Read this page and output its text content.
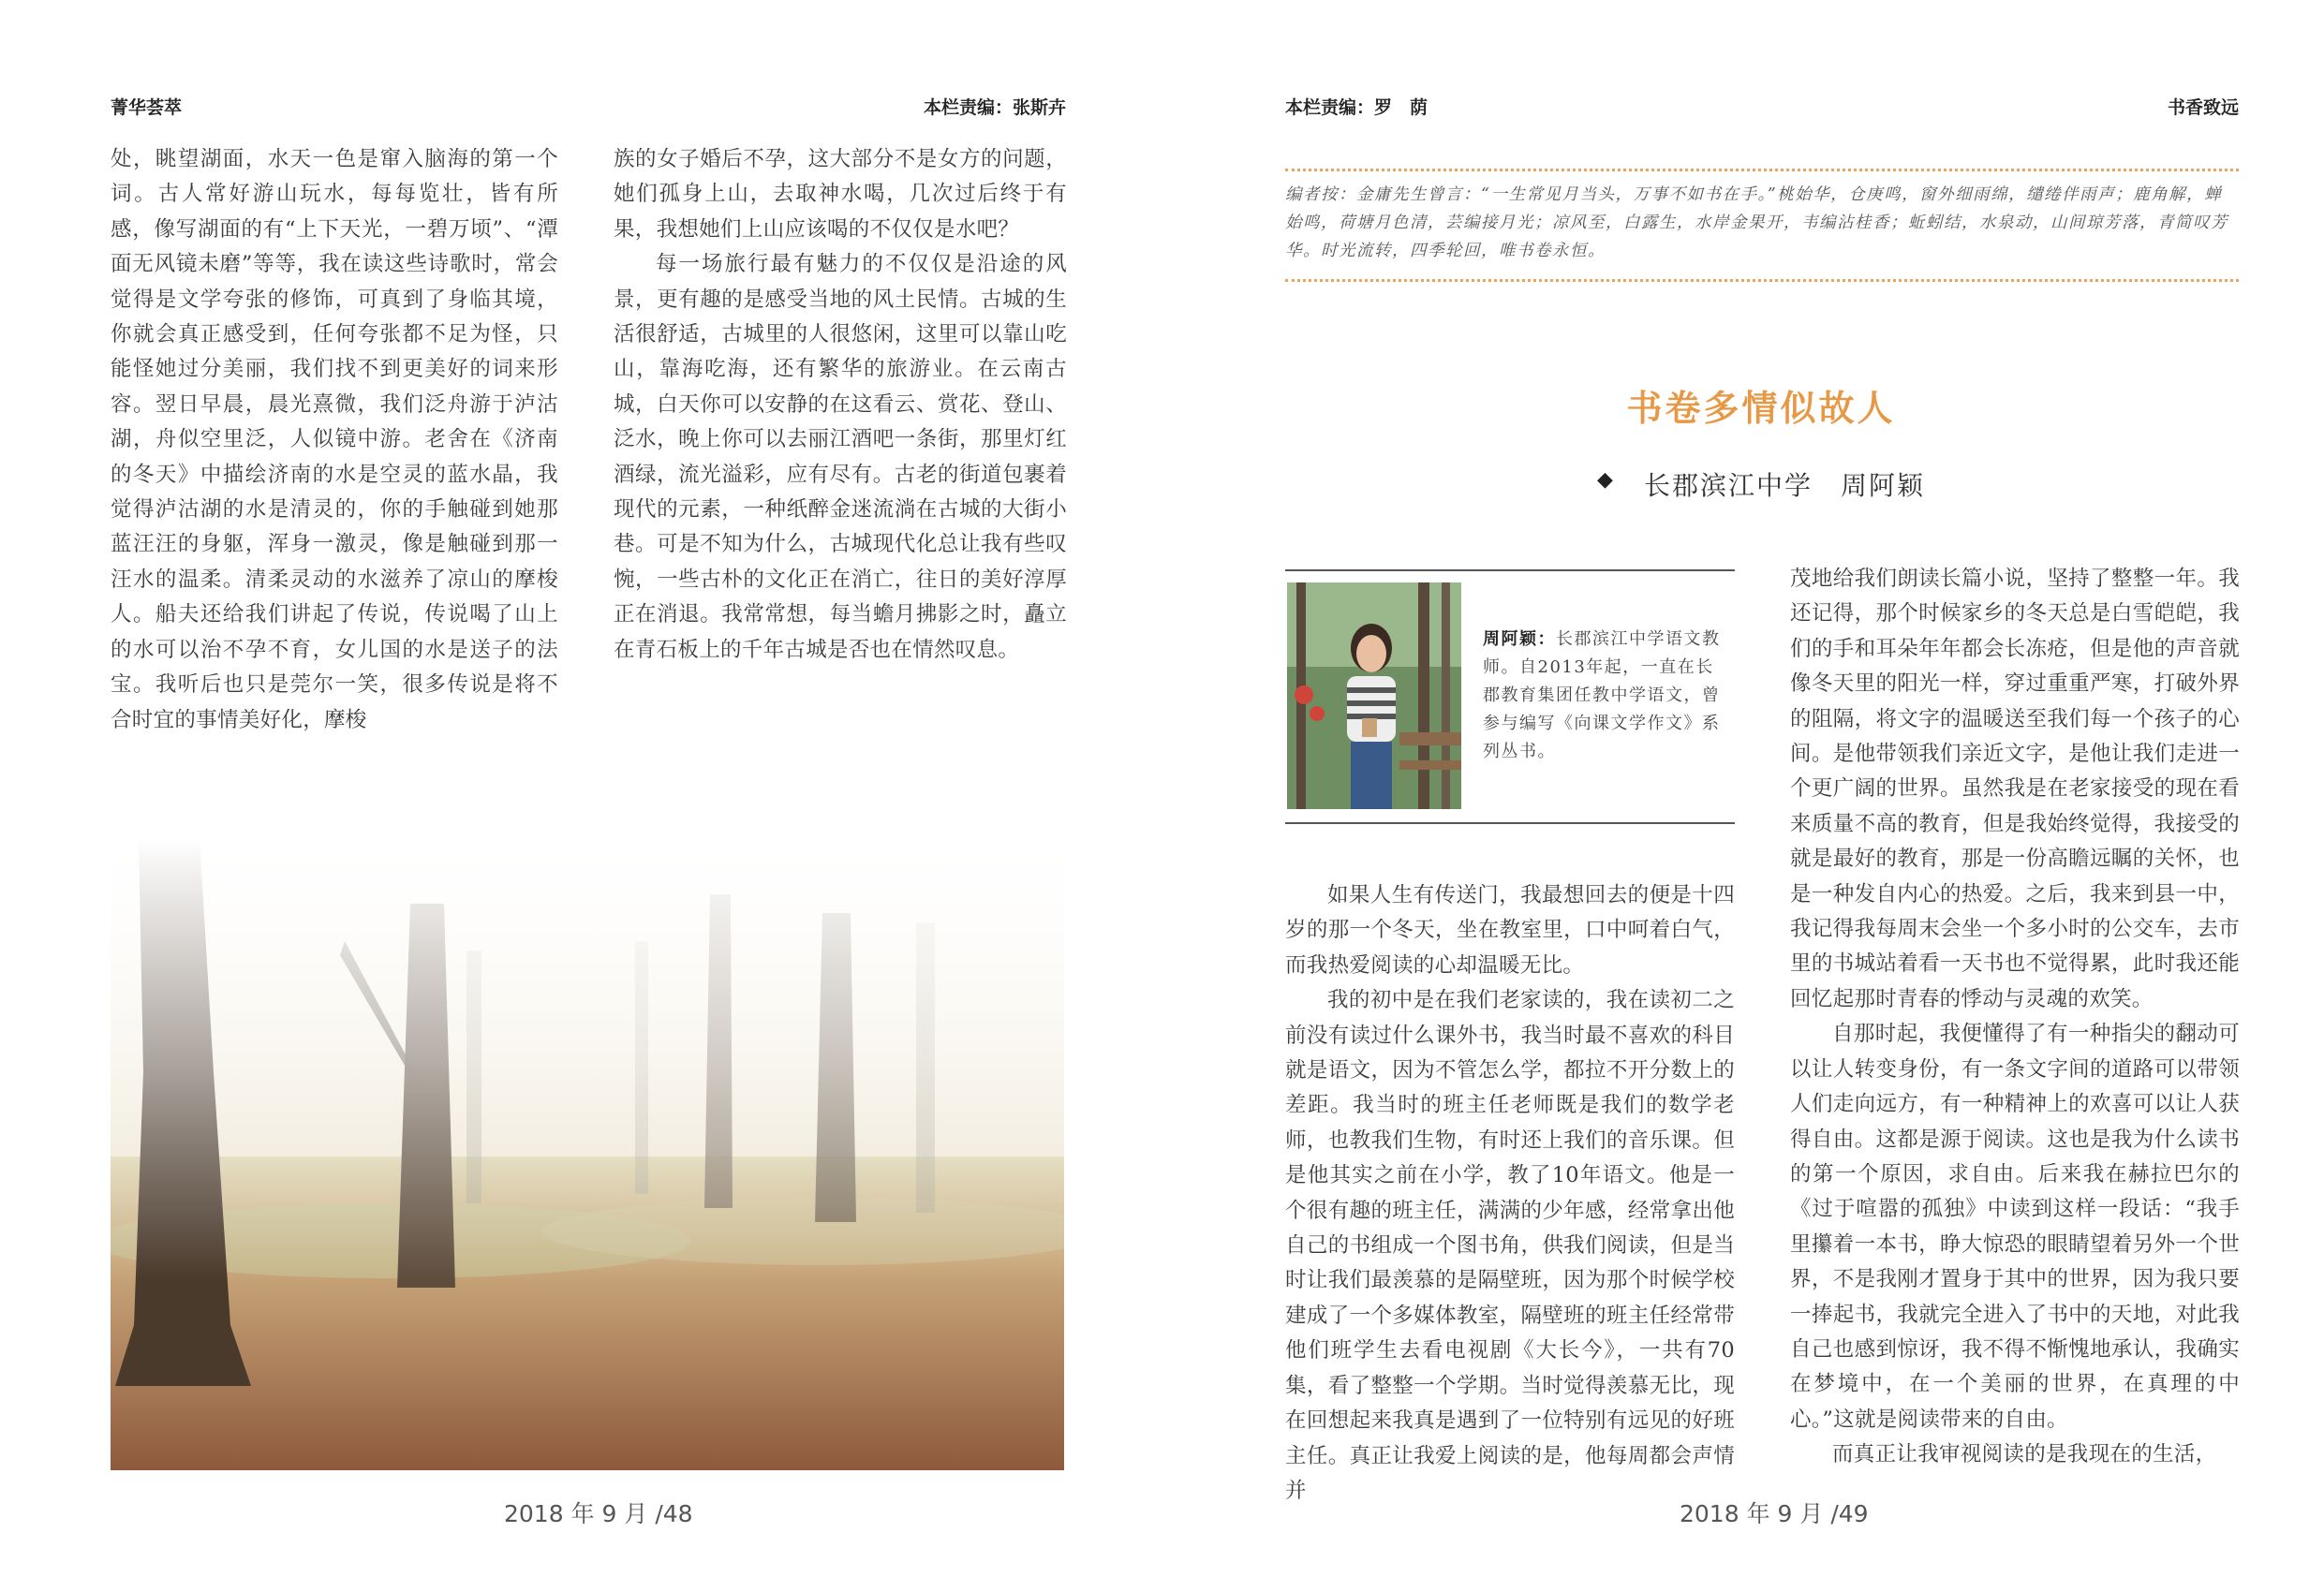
菁华荟萃	本栏责编：张斯卉

处，眺望湖面，水天一色是窜入脑海的第一个词。古人常好游山玩水，每每览壮，皆有所感，像写湖面的有“上下天光，一碧万顷”、“潭面无风镜未磨”等等，我在读这些诗歌时，常会觉得是文学夸张的修饰，可真到了身临其境，你就会真正感受到，任何夸张都不足为怪，只能怪她过分美丽，我们找不到更美好的词来形容。翌日早晨，晨光熹微，我们泛舟游于泸沽湖，舟似空里泛，人似镜中游。老舍在《济南的冬天》中描绘济南的水是空灵的蓝水晶，我觉得泸沽湖的水是清灵的，你的手触碰到她那蓝汪汪的身躯，浑身一激灵，像是触碰到那一汪水的温柔。清柔灵动的水滋养了凉山的摩梭人。船夫还给我们讲起了传说，传说喝了山上的水可以治不孕不育，女儿国的水是送子的法宝。我听后也只是莞尔一笑，很多传说是将不合时宜的事情美好化，摩梭

族的女子婚后不孕，这大部分不是女方的问题，她们孤身上山，去取神水喝，几次过后终于有果，我想她们上山应该喝的不仅仅是水吧？

每一场旅行最有魅力的不仅仅是沿途的风景，更有趣的是感受当地的风土民情。古城的生活很舒适，古城里的人很悠闲，这里可以靠山吃山，靠海吃海，还有繁华的旅游业。在云南古城，白天你可以安静的在这看云、赏花、登山、泛水，晚上你可以去丽江酒吧一条街，那里灯红酒绿，流光溢彩，应有尽有。古老的街道包裹着现代的元素，一种纸醉金迷流淌在古城的大街小巷。可是不知为什么，古城现代化总让我有些叹惋，一些古朴的文化正在消亡，往日的美好淳厚正在消退。我常常想，每当蟾月拂影之时，矗立在青石板上的千年古城是否也在情然叹息。

2018 年 9 月 /48
本栏责编：罗　荫	书香致远
编者按：金庸先生曾言：“一生常见月当头，万事不如书在手。”桃始华，仓庚鸣，窗外细雨绵，缱绻伴雨声；鹿角解，蝉始鸣，荷塘月色清，芸编接月光；凉风至，白露生，水岸金果开，韦编沾桂香；蚯蚓结，水泉动，山间琼芳落，青简叹芳华。时光流转，四季轮回，唯书卷永恒。
书卷多情似故人
◆ 长郡滨江中学　周阿颖
周阿颖：长郡滨江中学语文教师。自2013年起，一直在长郡教育集团任教中学语文，曾参与编写《向课文学作文》系列丛书。

如果人生有传送门，我最想回去的便是十四岁的那一个冬天，坐在教室里，口中呵着白气，而我热爱阅读的心却温暖无比。

我的初中是在我们老家读的，我在读初二之前没有读过什么课外书，我当时最不喜欢的科目就是语文，因为不管怎么学，都拉不开分数上的差距。我当时的班主任老师既是我们的数学老师，也教我们生物，有时还上我们的音乐课。但是他其实之前在小学，教了10年语文。他是一个很有趣的班主任，满满的少年感，经常拿出他自己的书组成一个图书角，供我们阅读，但是当时让我们最羡慕的是隔壁班，因为那个时候学校建成了一个多媒体教室，隔壁班的班主任经常带他们班学生去看电视剧《大长今》，一共有70集，看了整整一个学期。当时觉得羡慕无比，现在回想起来我真是遇到了一位特别有远见的好班主任。真正让我爱上阅读的是，他每周都会声情并

茂地给我们朗读长篇小说，坚持了整整一年。我还记得，那个时候家乡的冬天总是白雪皑皑，我们的手和耳朵年年都会长冻疮，但是他的声音就像冬天里的阳光一样，穿过重重严寒，打破外界的阻隔，将文字的温暖送至我们每一个孩子的心间。是他带领我们亲近文字，是他让我们走进一个更广阔的世界。虽然我是在老家接受的现在看来质量不高的教育，但是我始终觉得，我接受的就是最好的教育，那是一份高瞻远瞩的关怀，也是一种发自内心的热爱。之后，我来到县一中，我记得我每周末会坐一个多小时的公交车，去市里的书城站着看一天书也不觉得累，此时我还能回忆起那时青春的悸动与灵魂的欢笑。

自那时起，我便懂得了有一种指尖的翻动可以让人转变身份，有一条文字间的道路可以带领人们走向远方，有一种精神上的欢喜可以让人获得自由。这都是源于阅读。这也是我为什么读书的第一个原因，求自由。后来我在赫拉巴尔的《过于喧嚣的孤独》中读到这样一段话：“我手里攥着一本书，睁大惊恐的眼睛望着另外一个世界，不是我刚才置身于其中的世界，因为我只要一捧起书，我就完全进入了书中的天地，对此我自己也感到惊讶，我不得不惭愧地承认，我确实在梦境中，在一个美丽的世界，在真理的中心。”这就是阅读带来的自由。

而真正让我审视阅读的是我现在的生活，

2018 年 9 月 /49
